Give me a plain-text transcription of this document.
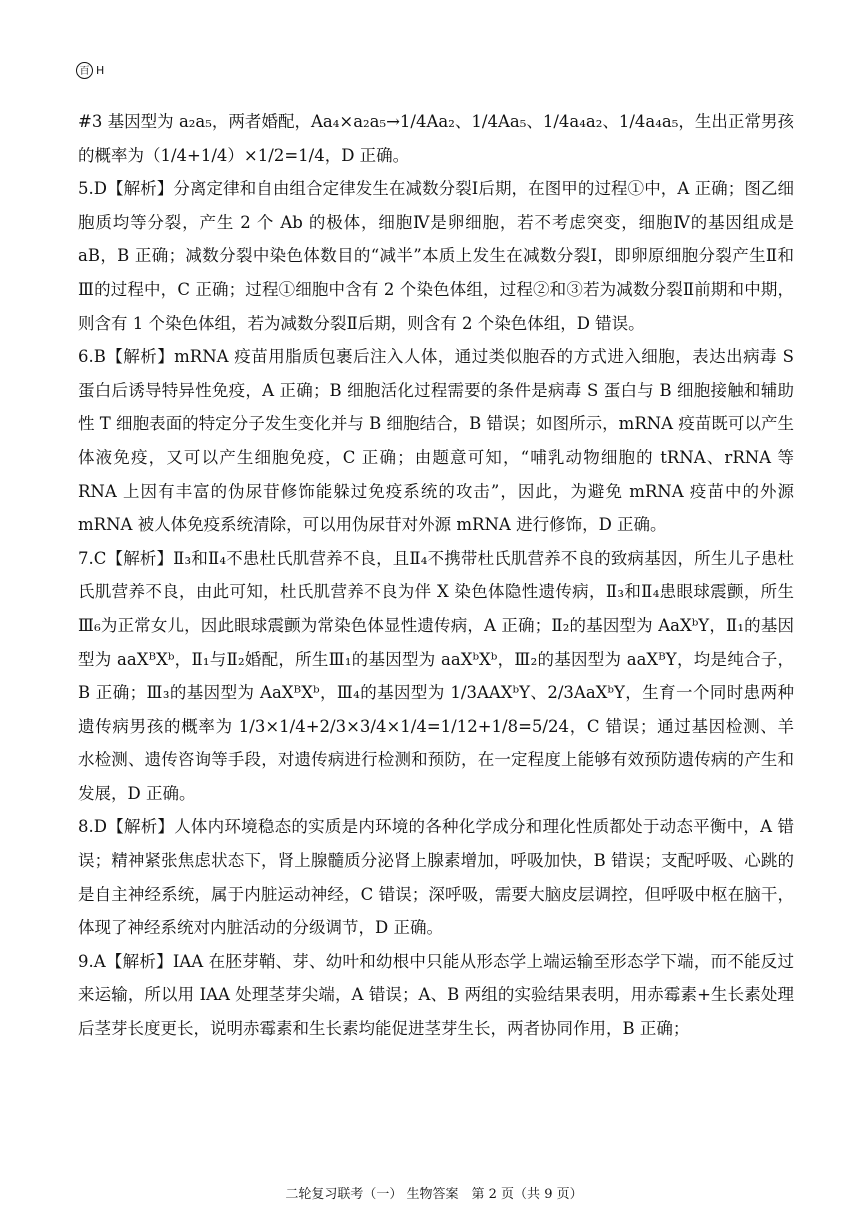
百 H

#3 基因型为 a₂a₅，两者婚配，Aa₄×a₂a₅→1/4Aa₂、1/4Aa₅、1/4a₄a₂、1/4a₄a₅，生出正常男孩的概率为（1/4+1/4）×1/2=1/4，D 正确。

5.D【解析】分离定律和自由组合定律发生在减数分裂Ⅰ后期，在图甲的过程①中，A 正确；图乙细胞质均等分裂，产生 2 个 Ab 的极体，细胞Ⅳ是卵细胞，若不考虑突变，细胞Ⅳ的基因组成是 aB，B 正确；减数分裂中染色体数目的“减半”本质上发生在减数分裂Ⅰ，即卵原细胞分裂产生Ⅱ和Ⅲ的过程中，C 正确；过程①细胞中含有 2 个染色体组，过程②和③若为减数分裂Ⅱ前期和中期，则含有 1 个染色体组，若为减数分裂Ⅱ后期，则含有 2 个染色体组，D 错误。

6.B【解析】mRNA 疫苗用脂质包裹后注入人体，通过类似胞吞的方式进入细胞，表达出病毒 S 蛋白后诱导特异性免疫，A 正确；B 细胞活化过程需要的条件是病毒 S 蛋白与 B 细胞接触和辅助性 T 细胞表面的特定分子发生变化并与 B 细胞结合，B 错误；如图所示，mRNA 疫苗既可以产生体液免疫，又可以产生细胞免疫，C 正确；由题意可知，“哺乳动物细胞的 tRNA、rRNA 等 RNA 上因有丰富的伪尿苷修饰能躲过免疫系统的攻击”，因此，为避免 mRNA 疫苗中的外源 mRNA 被人体免疫系统清除，可以用伪尿苷对外源 mRNA 进行修饰，D 正确。

7.C【解析】Ⅱ₃和Ⅱ₄不患杜氏肌营养不良，且Ⅱ₄不携带杜氏肌营养不良的致病基因，所生儿子患杜氏肌营养不良，由此可知，杜氏肌营养不良为伴 X 染色体隐性遗传病，Ⅱ₃和Ⅱ₄患眼球震颤，所生Ⅲ₆为正常女儿，因此眼球震颤为常染色体显性遗传病，A 正确；Ⅱ₂的基因型为 AaXᵇY，Ⅱ₁的基因型为 aaXᴮXᵇ，Ⅱ₁与Ⅱ₂婚配，所生Ⅲ₁的基因型为 aaXᵇXᵇ，Ⅲ₂的基因型为 aaXᴮY，均是纯合子，B 正确；Ⅲ₃的基因型为 AaXᴮXᵇ，Ⅲ₄的基因型为 1/3AAXᵇY、2/3AaXᵇY，生育一个同时患两种遗传病男孩的概率为 1/3×1/4+2/3×3/4×1/4=1/12+1/8=5/24，C 错误；通过基因检测、羊水检测、遗传咨询等手段，对遗传病进行检测和预防，在一定程度上能够有效预防遗传病的产生和发展，D 正确。

8.D【解析】人体内环境稳态的实质是内环境的各种化学成分和理化性质都处于动态平衡中，A 错误；精神紧张焦虑状态下，肾上腺髓质分泌肾上腺素增加，呼吸加快，B 错误；支配呼吸、心跳的是自主神经系统，属于内脏运动神经，C 错误；深呼吸，需要大脑皮层调控，但呼吸中枢在脑干，体现了神经系统对内脏活动的分级调节，D 正确。

9.A【解析】IAA 在胚芽鞘、芽、幼叶和幼根中只能从形态学上端运输至形态学下端，而不能反过来运输，所以用 IAA 处理茎芽尖端，A 错误；A、B 两组的实验结果表明，用赤霉素+生长素处理后茎芽长度更长，说明赤霉素和生长素均能促进茎芽生长，两者协同作用，B 正确；

二轮复习联考（一） 生物答案　第 2 页（共 9 页）
